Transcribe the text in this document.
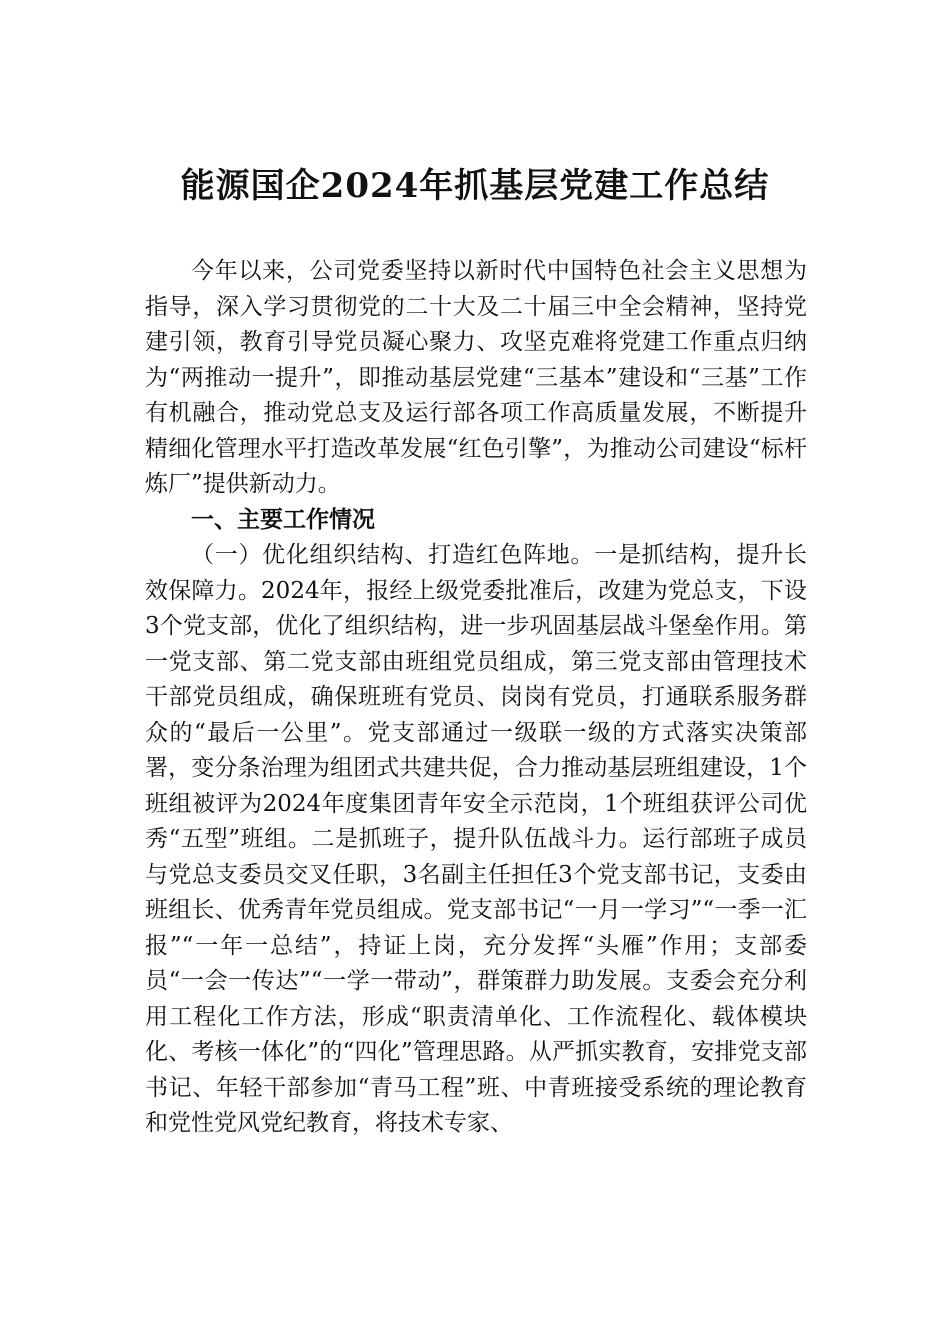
能源国企2024年抓基层党建工作总结

今年以来，公司党委坚持以新时代中国特色社会主义思想为指导，深入学习贯彻党的二十大及二十届三中全会精神，坚持党建引领，教育引导党员凝心聚力、攻坚克难将党建工作重点归纳为“两推动一提升”，即推动基层党建“三基本”建设和“三基”工作有机融合，推动党总支及运行部各项工作高质量发展，不断提升精细化管理水平打造改革发展“红色引擎”，为推动公司建设“标杆炼厂”提供新动力。

一、主要工作情况

（一）优化组织结构、打造红色阵地。一是抓结构，提升长效保障力。2024年，报经上级党委批准后，改建为党总支，下设3个党支部，优化了组织结构，进一步巩固基层战斗堡垒作用。第一党支部、第二党支部由班组党员组成，第三党支部由管理技术干部党员组成，确保班班有党员、岗岗有党员，打通联系服务群众的“最后一公里”。党支部通过一级联一级的方式落实决策部署，变分条治理为组团式共建共促，合力推动基层班组建设，1个班组被评为2024年度集团青年安全示范岗，1个班组获评公司优秀“五型”班组。二是抓班子，提升队伍战斗力。运行部班子成员与党总支委员交叉任职，3名副主任担任3个党支部书记，支委由班组长、优秀青年党员组成。党支部书记“一月一学习”“一季一汇报”“一年一总结”，持证上岗，充分发挥“头雁”作用；支部委员“一会一传达”“一学一带动”，群策群力助发展。支委会充分利用工程化工作方法，形成“职责清单化、工作流程化、载体模块化、考核一体化”的“四化”管理思路。从严抓实教育，安排党支部书记、年轻干部参加“青马工程”班、中青班接受系统的理论教育和党性党风党纪教育，将技术专家、
